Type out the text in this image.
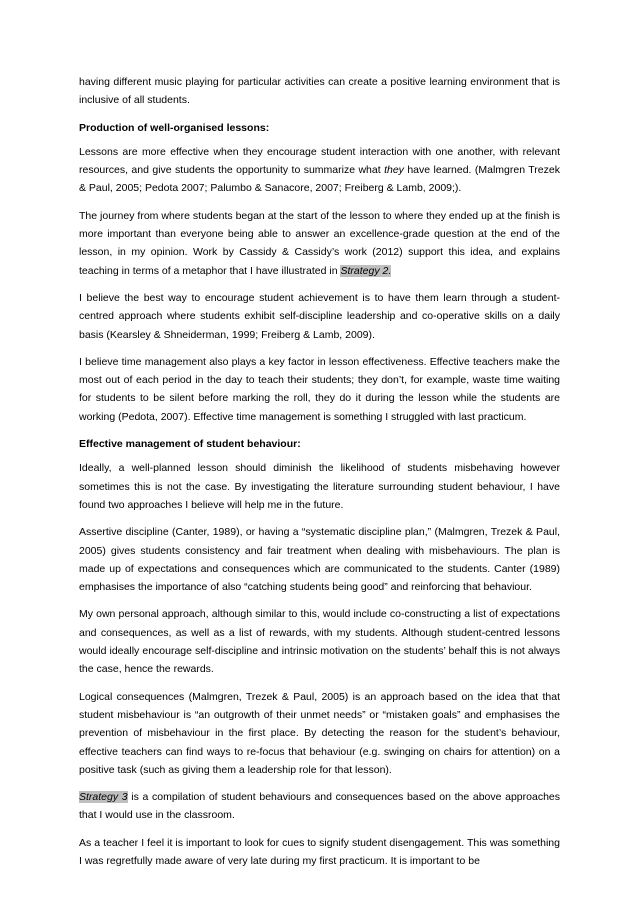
having different music playing for particular activities can create a positive learning environment that is inclusive of all students.

Production of well-organised lessons:

Lessons are more effective when they encourage student interaction with one another, with relevant resources, and give students the opportunity to summarize what they have learned. (Malmgren Trezek & Paul, 2005; Pedota 2007; Palumbo & Sanacore, 2007; Freiberg & Lamb, 2009;).

The journey from where students began at the start of the lesson to where they ended up at the finish is more important than everyone being able to answer an excellence-grade question at the end of the lesson, in my opinion. Work by Cassidy & Cassidy’s work (2012) support this idea, and explains teaching in terms of a metaphor that I have illustrated in Strategy 2.

I believe the best way to encourage student achievement is to have them learn through a student-centred approach where students exhibit self-discipline leadership and co-operative skills on a daily basis (Kearsley & Shneiderman, 1999; Freiberg & Lamb, 2009).

I believe time management also plays a key factor in lesson effectiveness. Effective teachers make the most out of each period in the day to teach their students; they don’t, for example, waste time waiting for students to be silent before marking the roll, they do it during the lesson while the students are working (Pedota, 2007). Effective time management is something I struggled with last practicum.

Effective management of student behaviour:

Ideally, a well-planned lesson should diminish the likelihood of students misbehaving however sometimes this is not the case. By investigating the literature surrounding student behaviour, I have found two approaches I believe will help me in the future.

Assertive discipline (Canter, 1989), or having a “systematic discipline plan,” (Malmgren, Trezek & Paul, 2005) gives students consistency and fair treatment when dealing with misbehaviours. The plan is made up of expectations and consequences which are communicated to the students. Canter (1989) emphasises the importance of also “catching students being good” and reinforcing that behaviour.

My own personal approach, although similar to this, would include co-constructing a list of expectations and consequences, as well as a list of rewards, with my students. Although student-centred lessons would ideally encourage self-discipline and intrinsic motivation on the students’ behalf this is not always the case, hence the rewards.

Logical consequences (Malmgren, Trezek & Paul, 2005) is an approach based on the idea that that student misbehaviour is “an outgrowth of their unmet needs” or “mistaken goals” and emphasises the prevention of misbehaviour in the first place. By detecting the reason for the student’s behaviour, effective teachers can find ways to re-focus that behaviour (e.g. swinging on chairs for attention) on a positive task (such as giving them a leadership role for that lesson).

Strategy 3 is a compilation of student behaviours and consequences based on the above approaches that I would use in the classroom.

As a teacher I feel it is important to look for cues to signify student disengagement. This was something I was regretfully made aware of very late during my first practicum. It is important to be
